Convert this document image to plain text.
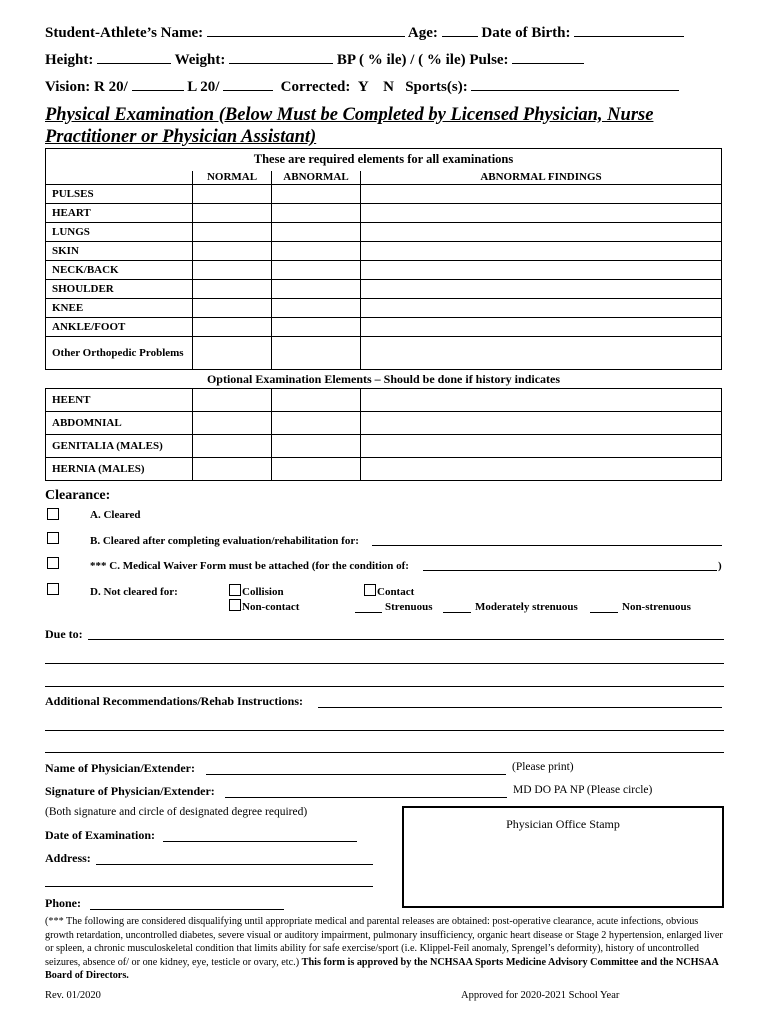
Student-Athlete’s Name:	Age:	Date of Birth:
Height:	Weight:	BP ( % ile) / ( % ile) Pulse:
Vision: R 20/	L 20/	Corrected: Y N Sports(s):
Physical Examination (Below Must be Completed by Licensed Physician, Nurse Practitioner or Physician Assistant)

	NORMAL	ABNORMAL	ABNORMAL FINDINGS
PULSES			
HEART			
LUNGS			
SKIN			
NECK/BACK			
SHOULDER			
KNEE			
ANKLE/FOOT			
Other Orthopedic Problems			
These are required elements for all examinations
Optional Examination Elements – Should be done if history indicates
HEENT			
ABDOMNIAL			
GENITALIA (MALES)			
HERNIA (MALES)			
Clearance:
A. Cleared
B. Cleared after completing evaluation/rehabilitation for:
*** C. Medical Waiver Form must be attached (for the condition of:	)
D. Not cleared for:	Collision
Non-contact
Contact
Strenuous	Moderately strenuous	Non-strenuous
Due to:
Additional Recommendations/Rehab Instructions:
Name of Physician/Extender:	(Please print)
Signature of Physician/Extender:	MD DO PA NP (Please circle)
(Both signature and circle of designated degree required)
Date of Examination:
Address:
Phone:
Physician Office Stamp
(*** The following are considered disqualifying until appropriate medical and parental releases are obtained: post-operative clearance, acute infections, obvious growth retardation, uncontrolled diabetes, severe visual or auditory impairment, pulmonary insufficiency, organic heart disease or Stage 2 hypertension, enlarged liver or spleen, a chronic musculoskeletal condition that limits ability for safe exercise/sport (i.e. Klippel-Feil anomaly, Sprengel’s deformity), history of uncontrolled seizures, absence of/ or one kidney, eye, testicle or ovary, etc.) This form is approved by the NCHSAA Sports Medicine Advisory Committee and the NCHSAA Board of Directors.
Rev. 01/2020	Approved for 2020-2021 School Year
